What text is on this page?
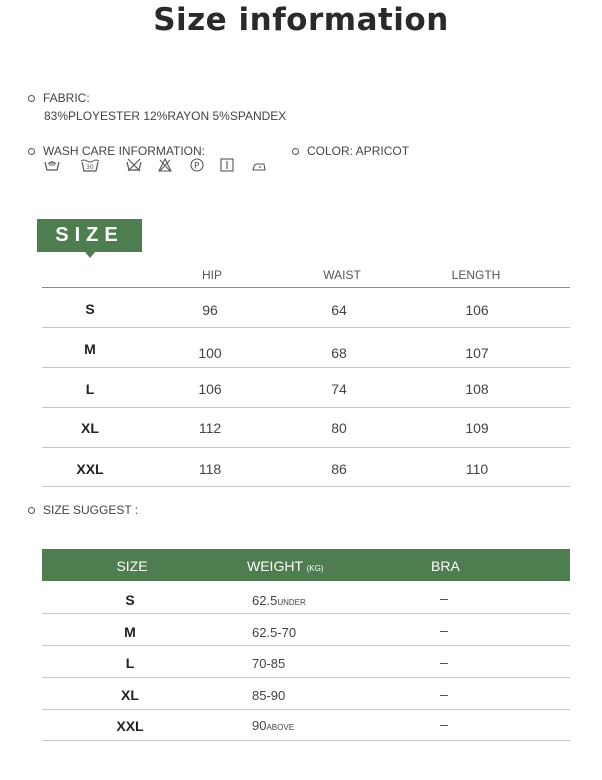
Size information
FABRIC:
83%PLOYESTER 12%RAYON 5%SPANDEX
WASH CARE INFORMATION:	COLOR: APRICOT
30	P
SIZE
HIP	WAIST	LENGTH
S	96	64	106
M	100	68	107
L	106	74	108
XL	112	80	109
XXL	118	86	110
SIZE SUGGEST :
SIZE	WEIGHT (KG)	BRA
S	62.5UNDER	–
M	62.5-70	–
L	70-85	–
XL	85-90	–
XXL	90ABOVE	–
